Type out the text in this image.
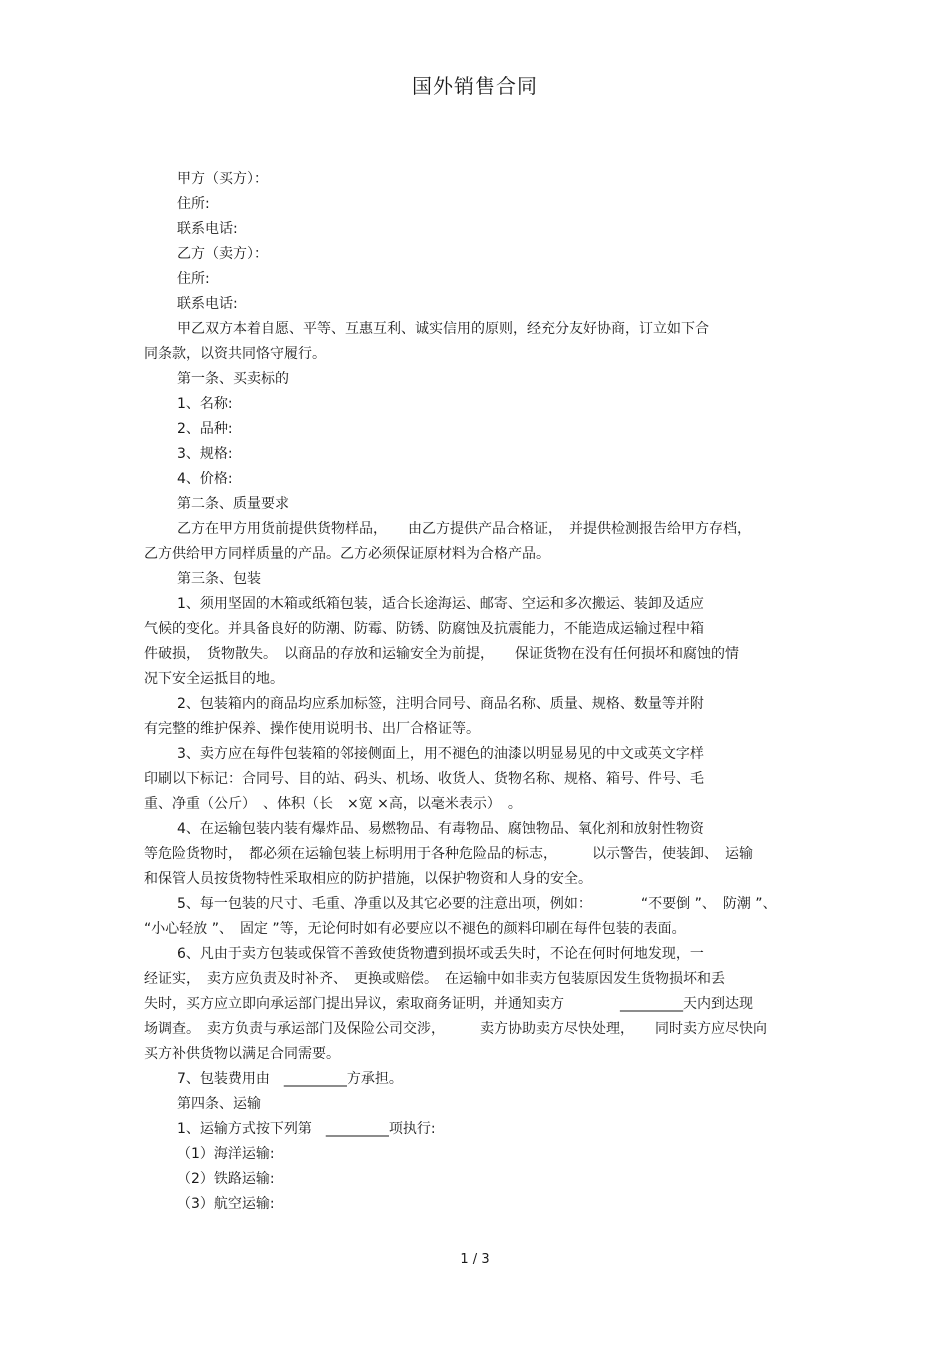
国外销售合同
甲方（买方）：
住所:
联系电话:
乙方（卖方）：
住所:
联系电话:
甲乙双方本着自愿、平等、互惠互利、诚实信用的原则，经充分友好协商，订立如下合
同条款，以资共同恪守履行。
第一条、买卖标的
1、名称:
2、品种:
3、规格:
4、价格:
第二条、质量要求
乙方在甲方用货前提供货物样品，　　由乙方提供产品合格证，　并提供检测报告给甲方存档，
乙方供给甲方同样质量的产品。乙方必须保证原材料为合格产品。
第三条、包装
1、须用坚固的木箱或纸箱包装，适合长途海运、邮寄、空运和多次搬运、装卸及适应
气候的变化。并具备良好的防潮、防霉、防锈、防腐蚀及抗震能力，不能造成运输过程中箱
件破损，　货物散失。　以商品的存放和运输安全为前提，　　保证货物在没有任何损坏和腐蚀的情
况下安全运抵目的地。
2、包装箱内的商品均应系加标签，注明合同号、商品名称、质量、规格、数量等并附
有完整的维护保养、操作使用说明书、出厂合格证等。
3、卖方应在每件包装箱的邻接侧面上，用不褪色的油漆以明显易见的中文或英文字样
印刷以下标记：合同号、目的站、码头、机场、收货人、货物名称、规格、箱号、件号、毛
重、净重（公斤）　、体积（长　×宽 ×高，以毫米表示）　。
4、在运输包装内装有爆炸品、易燃物品、有毒物品、腐蚀物品、氧化剂和放射性物资
等危险货物时，　都必须在运输包装上标明用于各种危险品的标志，　　　以示警告，使装卸、　运输
和保管人员按货物特性采取相应的防护措施，以保护物资和人身的安全。
5、每一包装的尺寸、毛重、净重以及其它必要的注意出项，例如：　　　　“不要倒 ”、　防潮 ”、
“小心轻放 ”、　固定 ”等，无论何时如有必要应以不褪色的颜料印刷在每件包装的表面。
6、凡由于卖方包装或保管不善致使货物遭到损坏或丢失时，不论在何时何地发现，一
经证实，　卖方应负责及时补齐、　更换或赔偿。　在运输中如非卖方包装原因发生货物损坏和丢
失时，买方应立即向承运部门提出异议，索取商务证明，并通知卖方　　　　_________天内到达现
场调查。　卖方负责与承运部门及保险公司交涉，　　　卖方协助卖方尽快处理，　　同时卖方应尽快向
买方补供货物以满足合同需要。
7、包装费用由　_________方承担。
第四条、运输
1、运输方式按下列第　_________项执行:
（1）海洋运输:
（2）铁路运输:
（3）航空运输:
1 / 3
